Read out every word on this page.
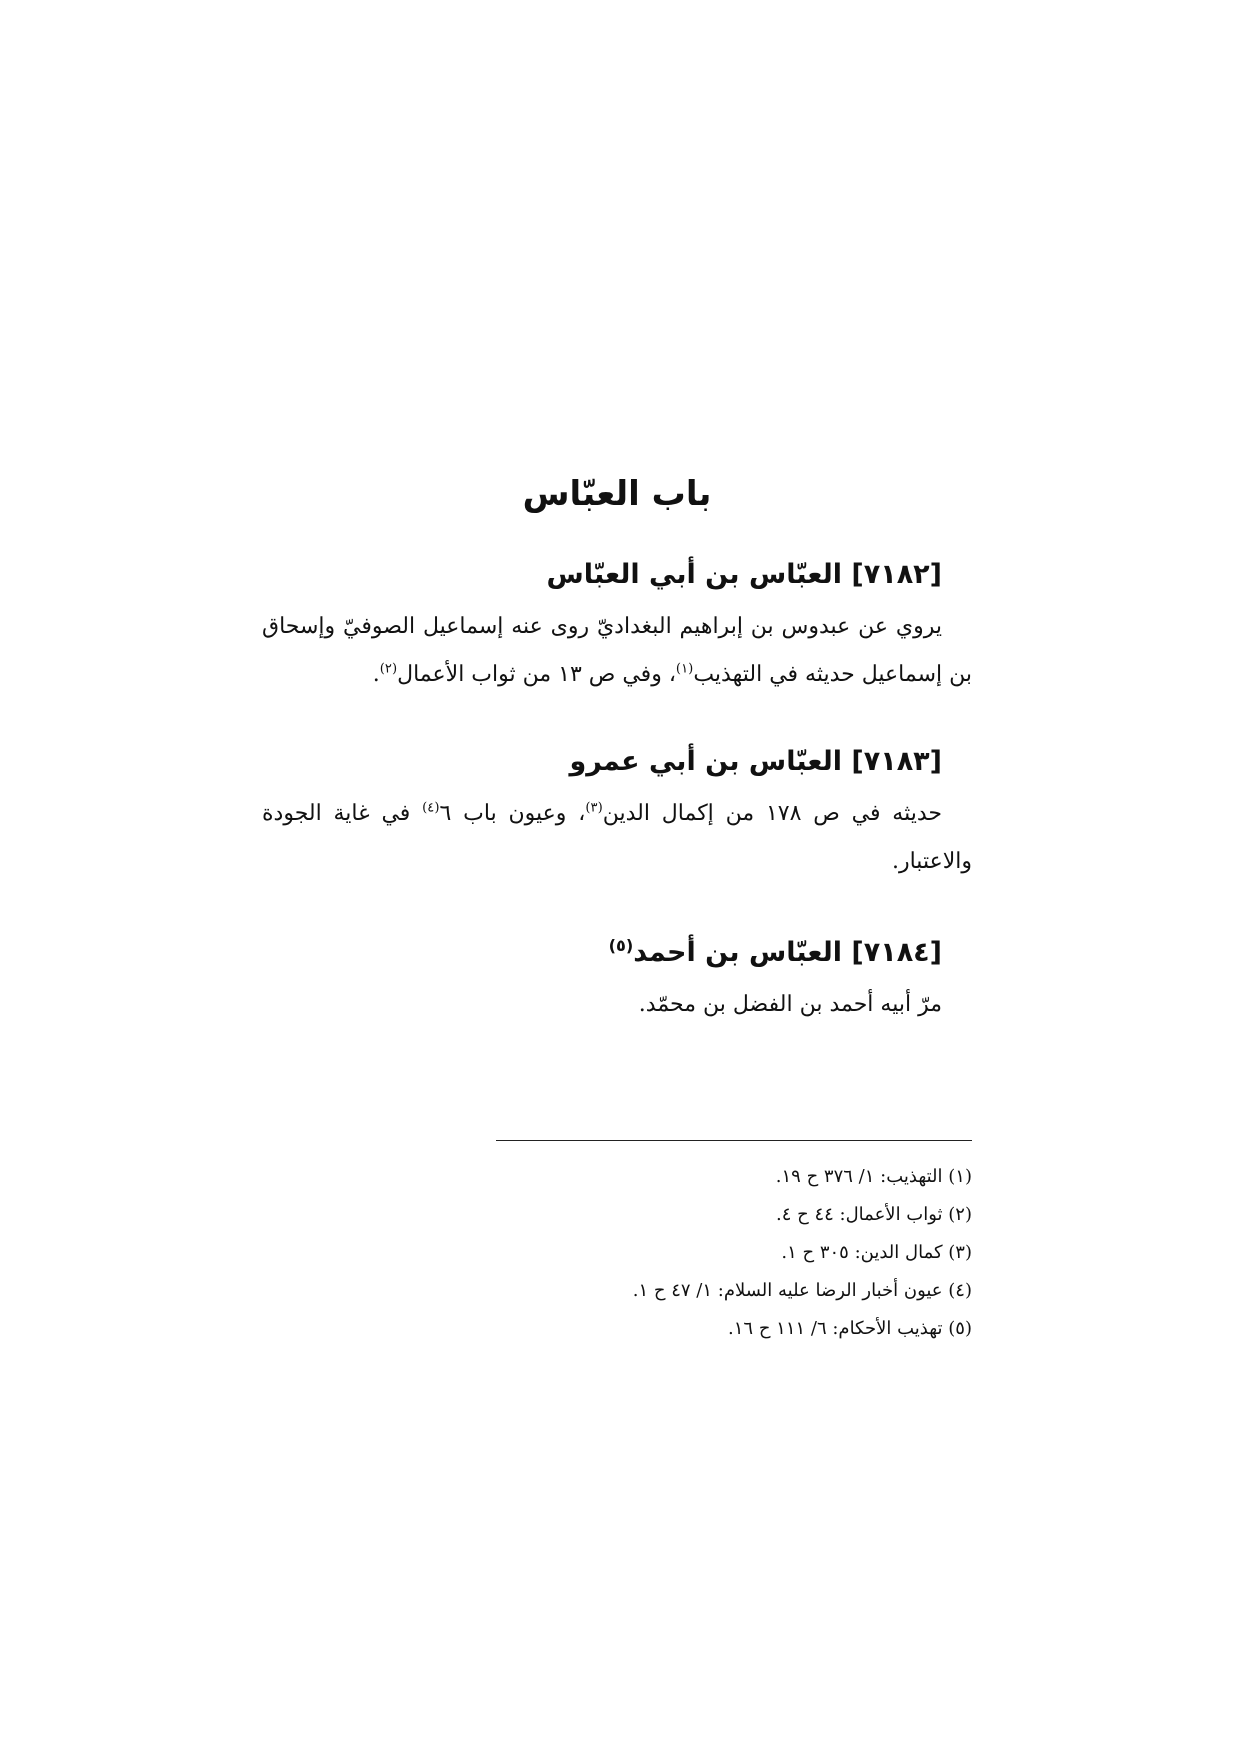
باب العبّاس
[٧١٨٢] العبّاس بن أبي العبّاس

يروي عن عبدوس بن إبراهيم البغداديّ روى عنه إسماعيل الصوفيّ وإسحاق بن إسماعيل حديثه في التهذيب$^{(١)}$، وفي ص ١٣ من ثواب الأعمال$^{(٢)}$.

[٧١٨٣] العبّاس بن أبي عمرو

حديثه في ص ١٧٨ من إكمال الدين$^{(٣)}$، وعيون باب ٦$^{(٤)}$ في غاية الجودة والاعتبار.

[٧١٨٤] العبّاس بن أحمد$^{(٥)}$

مرّ أبيه أحمد بن الفضل بن محمّد.

(١) التهذيب: ١/ ٣٧٦ ح ١٩.

(٢) ثواب الأعمال: ٤٤ ح ٤.

(٣) كمال الدين: ٣٠٥ ح ١.

(٤) عيون أخبار الرضا عليه السلام: ١/ ٤٧ ح ١.

(٥) تهذيب الأحكام: ٦/ ١١١ ح ١٦.
